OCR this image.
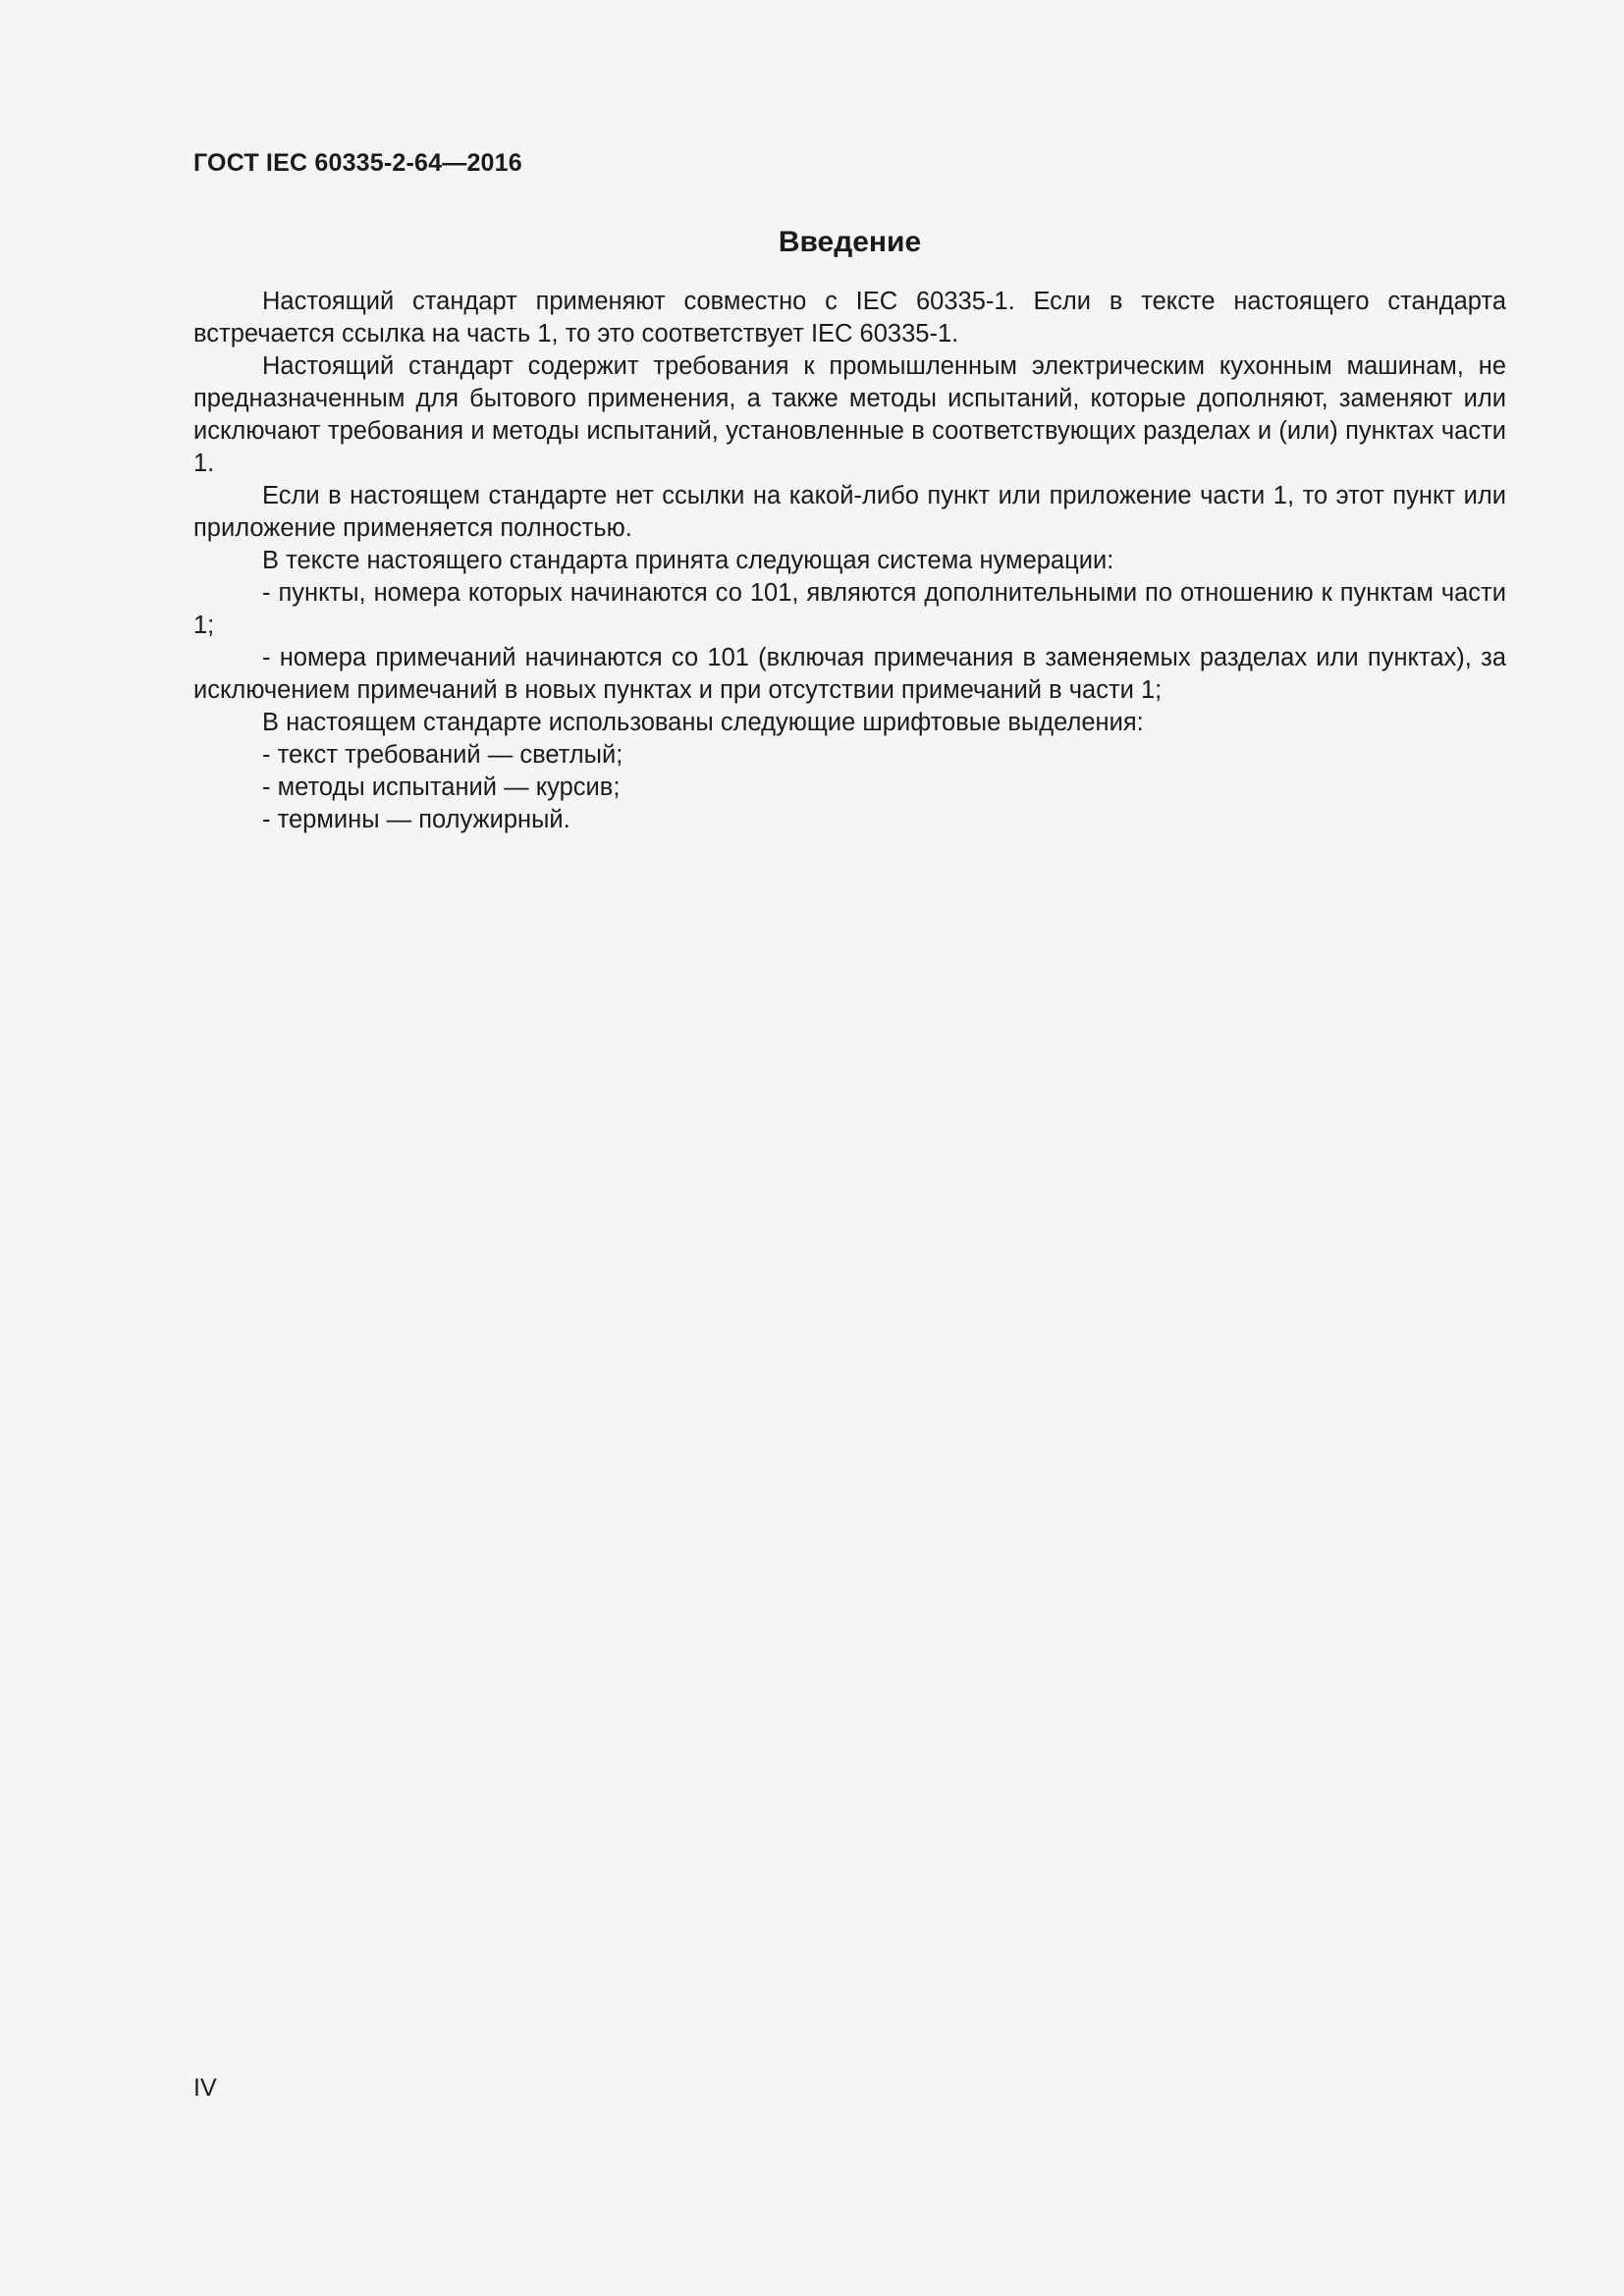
ГОСТ IEC 60335-2-64—2016
Введение

Настоящий стандарт применяют совместно с IEC 60335-1. Если в тексте настоящего стандарта встречается ссылка на часть 1, то это соответствует IEC 60335-1.

Настоящий стандарт содержит требования к промышленным электрическим кухонным машинам, не предназначенным для бытового применения, а также методы испытаний, которые дополняют, заменяют или исключают требования и методы испытаний, установленные в соответствующих разделах и (или) пунктах части 1.

Если в настоящем стандарте нет ссылки на какой-либо пункт или приложение части 1, то этот пункт или приложение применяется полностью.

В тексте настоящего стандарта принята следующая система нумерации:

- пункты, номера которых начинаются со 101, являются дополнительными по отношению к пунктам части 1;

- номера примечаний начинаются со 101 (включая примечания в заменяемых разделах или пунктах), за исключением примечаний в новых пунктах и при отсутствии примечаний в части 1;

В настоящем стандарте использованы следующие шрифтовые выделения:

- текст требований — светлый;

- методы испытаний — курсив;

- термины — полужирный.

IV
